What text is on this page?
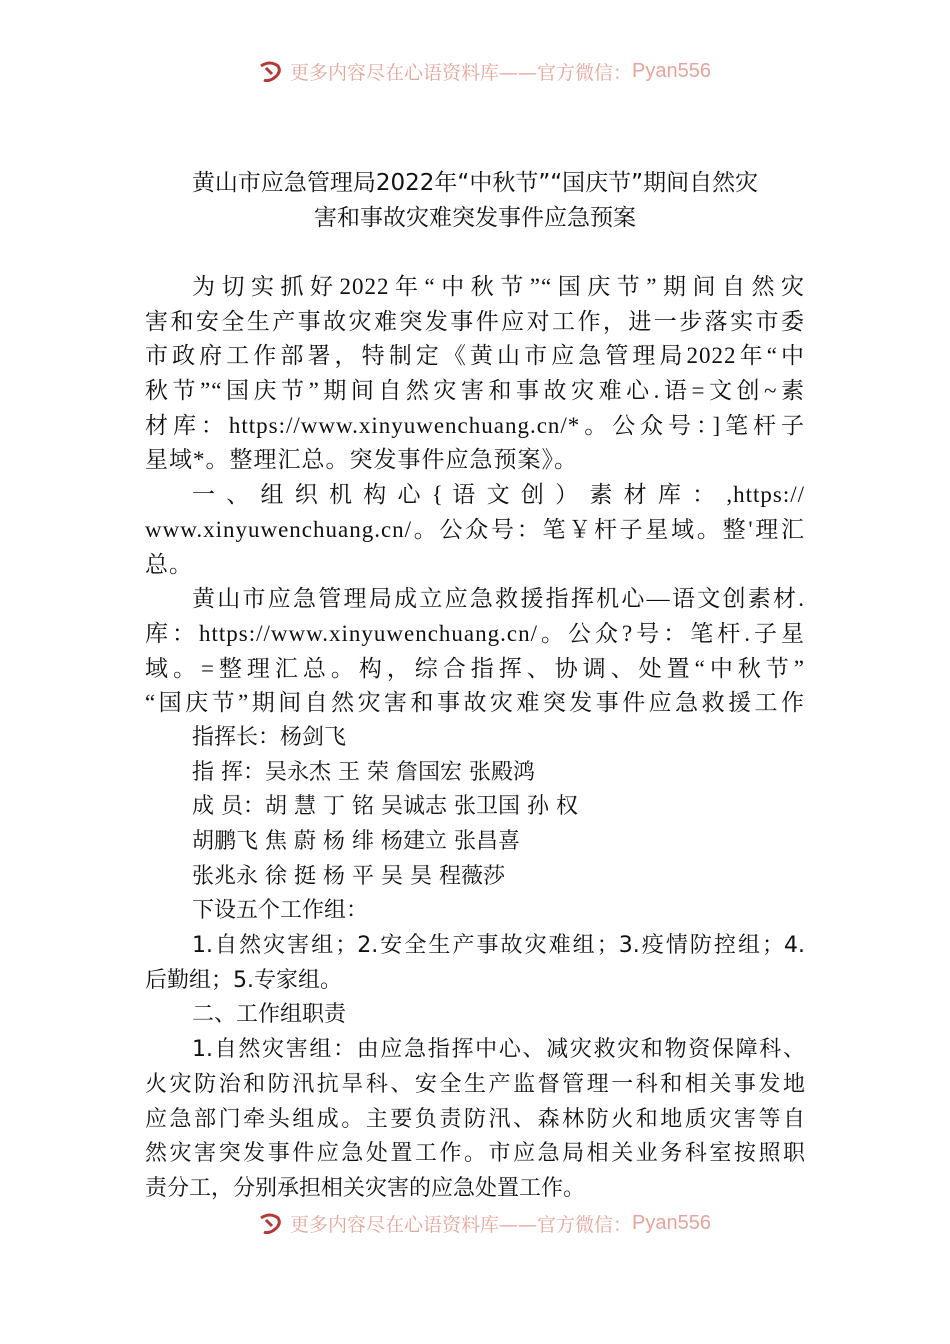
更多内容尽在心语资料库——官方微信： Pyan556
黄山市应急管理局2022年“中秋节”“国庆节”期间自然灾
害和事故灾难突发事件应急预案
为切实抓好2022年“中秋节”“国庆节”期间自然灾
害和安全生产事故灾难突发事件应对工作，进一步落实市委
市政府工作部署，特制定《黄山市应急管理局2022年“中
秋节”“国庆节”期间自然灾害和事故灾难心.语=文创~素
材库：https://www.xinyuwenchuang.cn/*。公众号：]笔杆子
星域*。整理汇总。突发事件应急预案》。
一 、 组 织 机 构 心 { 语 文 创 ） 素 材 库 ： ,https://
www.xinyuwenchuang.cn/。公众号：笔￥杆子星域。整'理汇
总。
黄山市应急管理局成立应急救援指挥机心—语文创素材.
库：https://www.xinyuwenchuang.cn/。公众?号：笔杆.子星
域。=整理汇总。构，综合指挥、协调、处置“中秋节”
“国庆节”期间自然灾害和事故灾难突发事件应急救援工作
指挥长：杨剑飞
指 挥：吴永杰 王 荣 詹国宏 张殿鸿
成 员：胡 慧 丁 铭 吴诚志 张卫国 孙 权
胡鹏飞 焦 蔚 杨 绯 杨建立 张昌喜
张兆永 徐 挺 杨 平 吴 昊 程薇莎
下设五个工作组：
1.自然灾害组；2.安全生产事故灾难组；3.疫情防控组；4.
后勤组；5.专家组。
二、工作组职责
1.自然灾害组：由应急指挥中心、减灾救灾和物资保障科、
火灾防治和防汛抗旱科、安全生产监督管理一科和相关事发地
应急部门牵头组成。主要负责防汛、森林防火和地质灾害等自
然灾害突发事件应急处置工作。市应急局相关业务科室按照职
责分工，分别承担相关灾害的应急处置工作。
更多内容尽在心语资料库——官方微信： Pyan556
